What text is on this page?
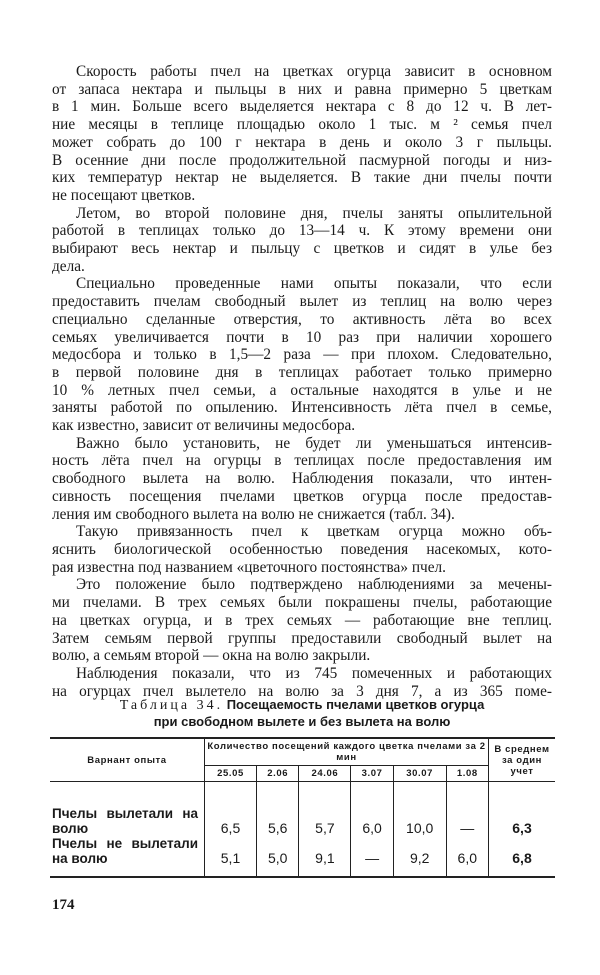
Скорость работы пчел на цветках огурца зависит в основном
от запаса нектара и пыльцы в них и равна примерно 5 цветкам
в 1 мин. Больше всего выделяется нектара с 8 до 12 ч. В лет-
ние месяцы в теплице площадью около 1 тыс. м ² семья пчел
может собрать до 100 г нектара в день и около 3 г пыльцы.
В осенние дни после продолжительной пасмурной погоды и низ-
ких температур нектар не выделяется. В такие дни пчелы почти
не посещают цветков.
Летом, во второй половине дня, пчелы заняты опылительной
работой в теплицах только до 13—14 ч. К этому времени они
выбирают весь нектар и пыльцу с цветков и сидят в улье без
дела.
Специально проведенные нами опыты показали, что если
предоставить пчелам свободный вылет из теплиц на волю через
специально сделанные отверстия, то активность лёта во всех
семьях увеличивается почти в 10 раз при наличии хорошего
медосбора и только в 1,5—2 раза — при плохом. Следовательно,
в первой половине дня в теплицах работает только примерно
10 % летных пчел семьи, а остальные находятся в улье и не
заняты работой по опылению. Интенсивность лёта пчел в семье,
как известно, зависит от величины медосбора.
Важно было установить, не будет ли уменьшаться интенсив-
ность лёта пчел на огурцы в теплицах после предоставления им
свободного вылета на волю. Наблюдения показали, что интен-
сивность посещения пчелами цветков огурца после предостав-
ления им свободного вылета на волю не снижается (табл. 34).
Такую привязанность пчел к цветкам огурца можно объ-
яснить биологической особенностью поведения насекомых, кото-
рая известна под названием «цветочного постоянства» пчел.
Это положение было подтверждено наблюдениями за мечены-
ми пчелами. В трех семьях были покрашены пчелы, работающие
на цветках огурца, и в трех семьях — работающие вне теплиц.
Затем семьям первой группы предоставили свободный вылет на
волю, а семьям второй — окна на волю закрыли.
Наблюдения показали, что из 745 помеченных и работающих
на огурцах пчел вылетело на волю за 3 дня 7, а из 365 поме-
Таблица 34. Посещаемость пчелами цветков огурца
при свободном вылете и без вылета на волю
Варнант опыта	Количество посещений каждого цветка пчелами за 2 мин						В среднем за один учет
	25.05	2.06	24.06	3.07	30.07	1.08	
Пчелы вылетали на волю	6,5	5,6	5,7	6,0	10,0	—	6,3
Пчелы не вылетали на волю	5,1	5,0	9,1	—	9,2	6,0	6,8
174
